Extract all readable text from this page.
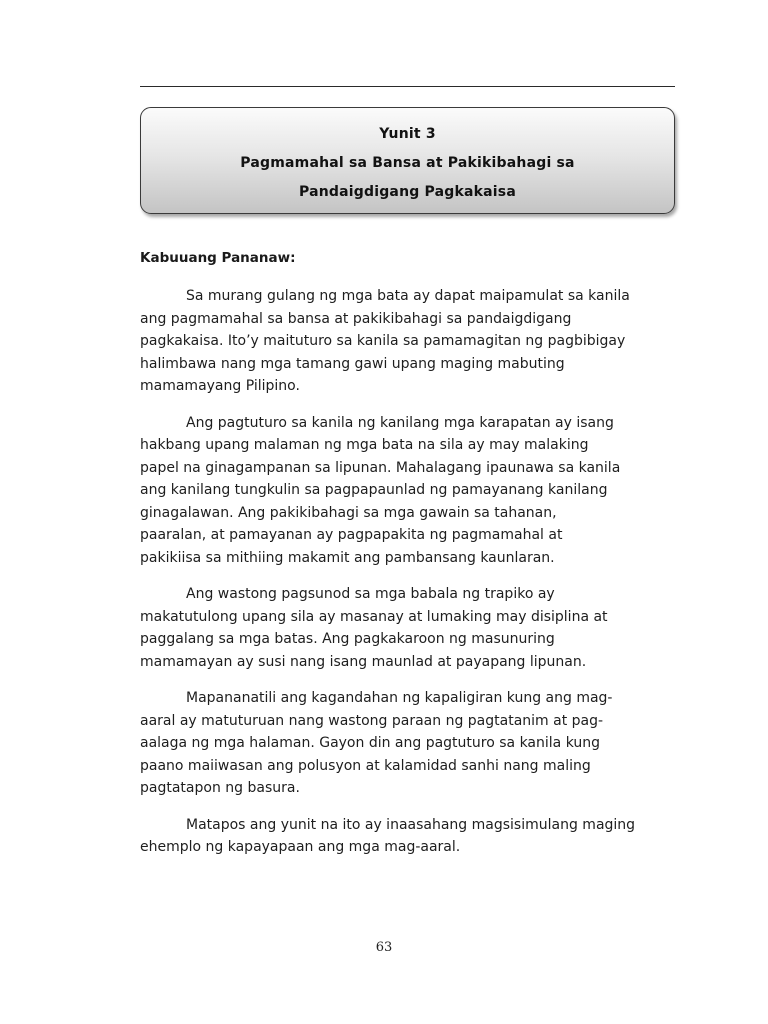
Yunit 3
Pagmamahal sa Bansa at Pakikibahagi sa
Pandaigdigang Pagkakaisa
Kabuuang Pananaw:

Sa murang gulang ng mga bata ay dapat maipamulat sa kanila
ang pagmamahal sa bansa at pakikibahagi sa pandaigdigang
pagkakaisa. Ito’y maituturo sa kanila sa pamamagitan ng pagbibigay
halimbawa nang mga tamang gawi upang maging mabuting
mamamayang Pilipino.

Ang pagtuturo sa kanila ng kanilang mga karapatan ay isang
hakbang upang malaman ng mga bata na sila ay may malaking
papel na ginagampanan sa lipunan. Mahalagang ipaunawa sa kanila
ang kanilang tungkulin sa pagpapaunlad ng pamayanang kanilang
ginagalawan. Ang pakikibahagi sa mga gawain sa tahanan,
paaralan, at pamayanan ay pagpapakita ng pagmamahal at
pakikiisa sa mithiing makamit ang pambansang kaunlaran.

Ang wastong pagsunod sa mga babala ng trapiko ay
makatutulong upang sila ay masanay at lumaking may disiplina at
paggalang sa mga batas. Ang pagkakaroon ng masunuring
mamamayan ay susi nang isang maunlad at payapang lipunan.

Mapananatili ang kagandahan ng kapaligiran kung ang mag-
aaral ay matuturuan nang wastong paraan ng pagtatanim at pag-
aalaga ng mga halaman. Gayon din ang pagtuturo sa kanila kung
paano maiiwasan ang polusyon at kalamidad sanhi nang maling
pagtatapon ng basura.

Matapos ang yunit na ito ay inaasahang magsisimulang maging
ehemplo ng kapayapaan ang mga mag-aaral.

63
